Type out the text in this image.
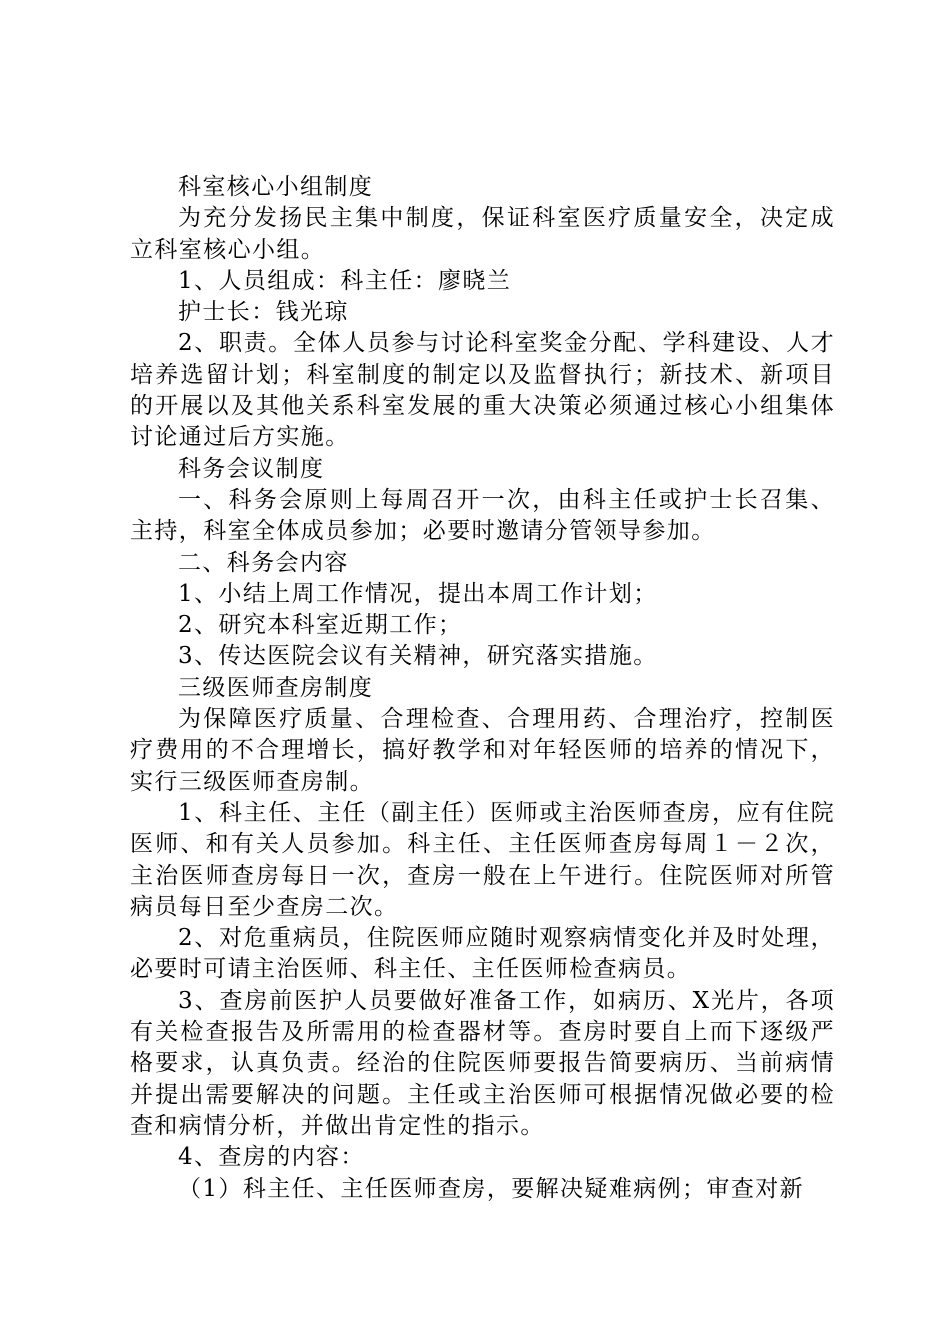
科室核心小组制度

为充分发扬民主集中制度，保证科室医疗质量安全，决定成立科室核心小组。

1、人员组成：科主任：廖晓兰

护士长：钱光琼

2、职责。全体人员参与讨论科室奖金分配、学科建设、人才培养选留计划；科室制度的制定以及监督执行；新技术、新项目的开展以及其他关系科室发展的重大决策必须通过核心小组集体讨论通过后方实施。

科务会议制度

一、科务会原则上每周召开一次，由科主任或护士长召集、主持，科室全体成员参加；必要时邀请分管领导参加。

二、科务会内容

1、小结上周工作情况，提出本周工作计划；

2、研究本科室近期工作；

3、传达医院会议有关精神，研究落实措施。

三级医师查房制度

为保障医疗质量、合理检查、合理用药、合理治疗，控制医疗费用的不合理增长，搞好教学和对年轻医师的培养的情况下，实行三级医师查房制。

1、科主任、主任（副主任）医师或主治医师查房，应有住院医师、和有关人员参加。科主任、主任医师查房每周１－２次，主治医师查房每日一次，查房一般在上午进行。住院医师对所管病员每日至少查房二次。

2、对危重病员，住院医师应随时观察病情变化并及时处理，必要时可请主治医师、科主任、主任医师检查病员。

3、查房前医护人员要做好准备工作，如病历、X光片，各项有关检查报告及所需用的检查器材等。查房时要自上而下逐级严格要求，认真负责。经治的住院医师要报告简要病历、当前病情并提出需要解决的问题。主任或主治医师可根据情况做必要的检查和病情分析，并做出肯定性的指示。

4、查房的内容：

（1）科主任、主任医师查房，要解决疑难病例；审查对新
